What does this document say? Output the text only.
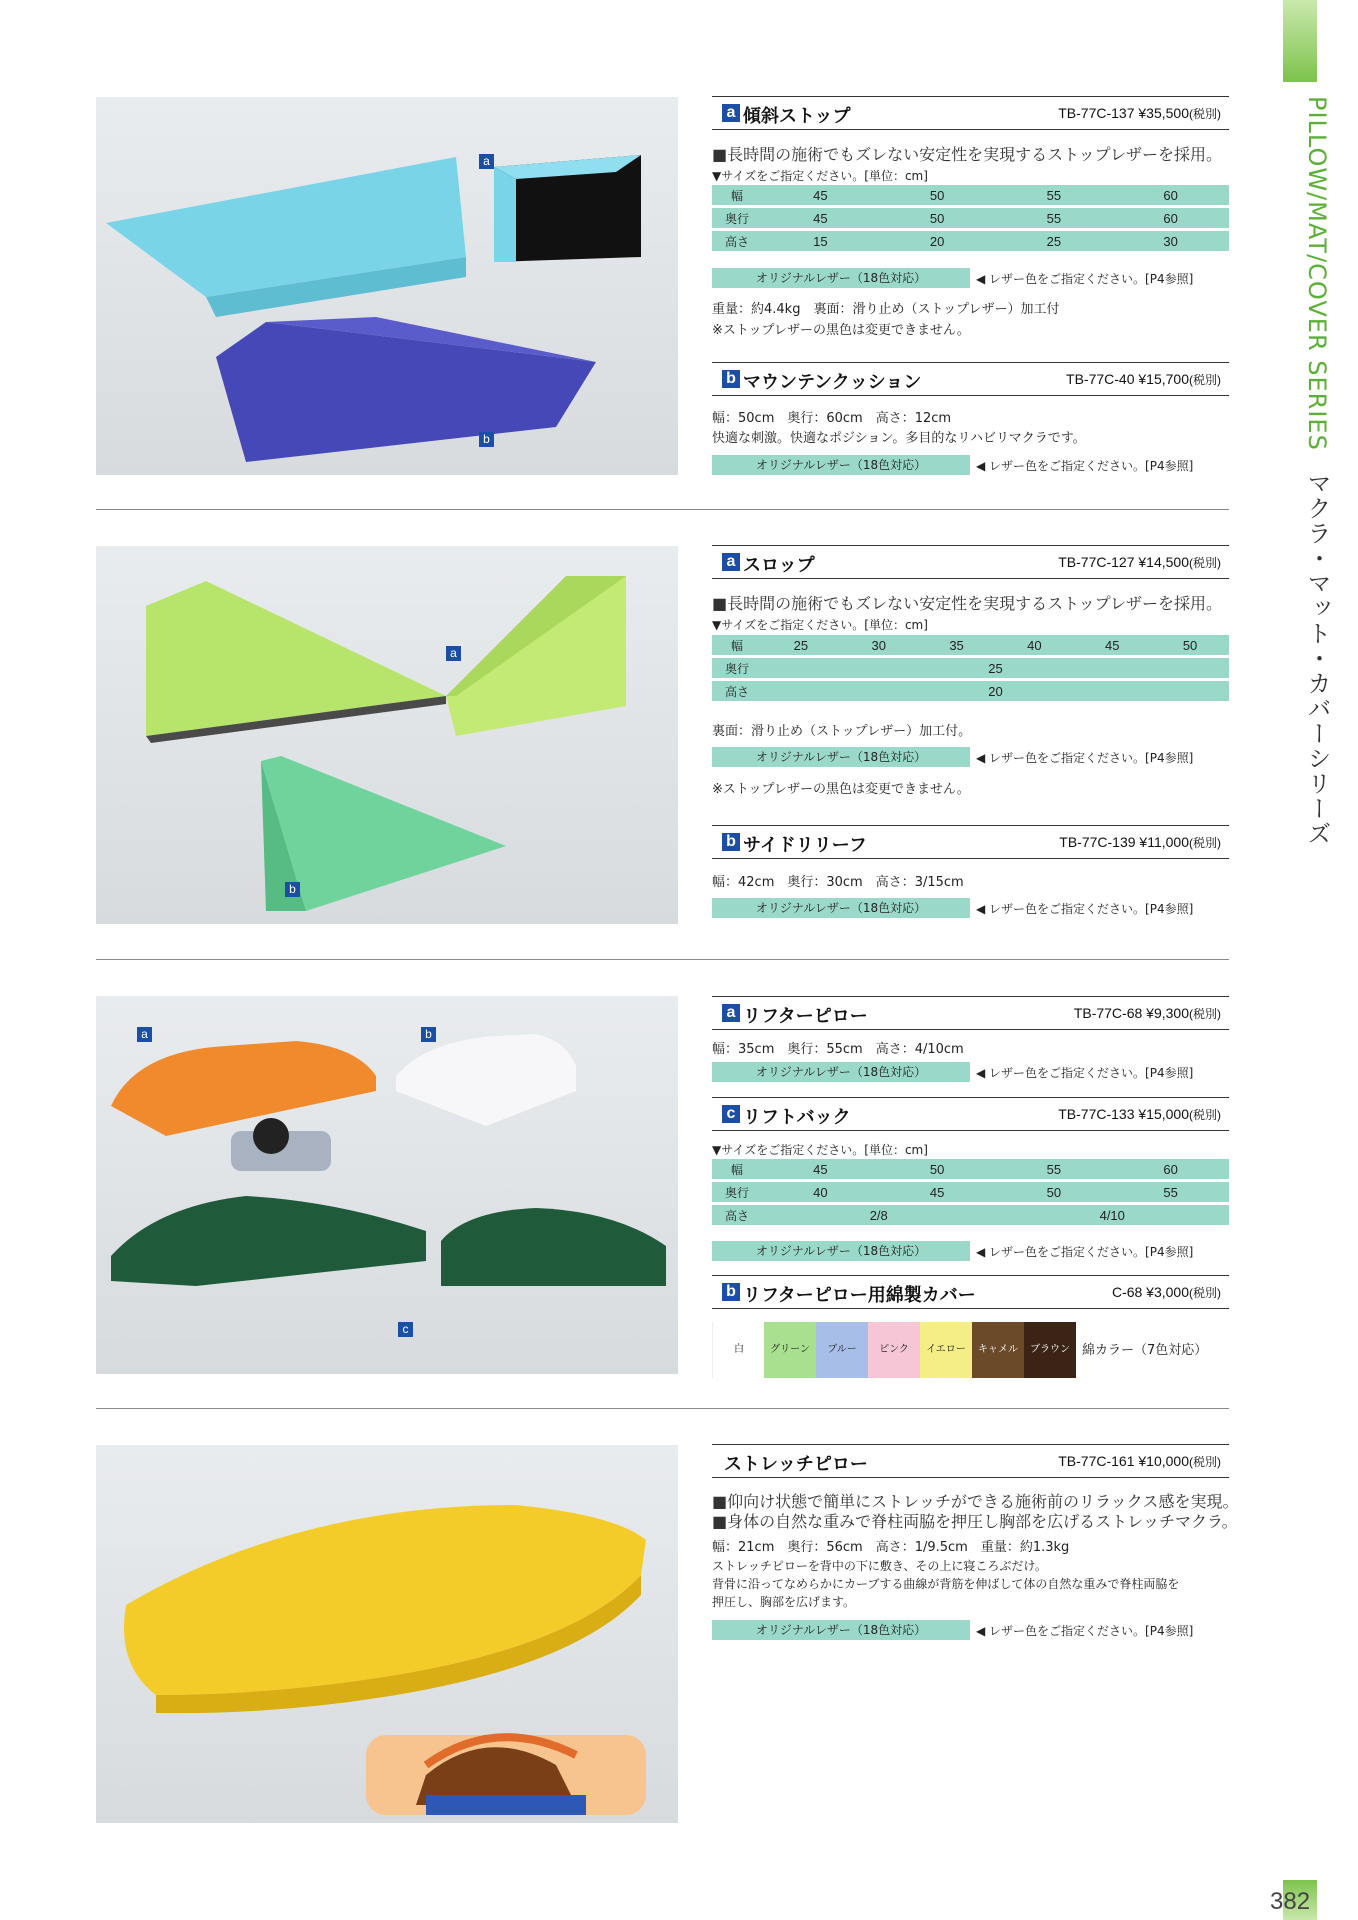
PILLOW/MAT/COVER SERIES マクラ・マット・カバーシリーズ
382
a
b
a 傾斜ストップ	TB-77C-137 ¥35,500(税別)
■長時間の施術でもズレない安定性を実現するストップレザーを採用。
▼サイズをご指定ください。[単位：cm]
幅	45	50	55	60
奥行	45	50	55	60
高さ	15	20	25	30
オリジナルレザー（18色対応）	◀ レザー色をご指定ください。[P4参照]
重量：約4.4kg　裏面：滑り止め（ストップレザー）加工付
※ストップレザーの黒色は変更できません。
b マウンテンクッション	TB-77C-40 ¥15,700(税別)
幅：50cm　奥行：60cm　高さ：12cm
快適な刺激。快適なポジション。多目的なリハビリマクラです。
オリジナルレザー（18色対応）	◀ レザー色をご指定ください。[P4参照]
a
b
a スロップ	TB-77C-127 ¥14,500(税別)
■長時間の施術でもズレない安定性を実現するストップレザーを採用。
▼サイズをご指定ください。[単位：cm]
幅	25	30	35	40	45	50
奥行	25					
高さ	20					
裏面：滑り止め（ストップレザー）加工付。
オリジナルレザー（18色対応）	◀ レザー色をご指定ください。[P4参照]
※ストップレザーの黒色は変更できません。
b サイドリリーフ	TB-77C-139 ¥11,000(税別)
幅：42cm　奥行：30cm　高さ：3/15cm
オリジナルレザー（18色対応）	◀ レザー色をご指定ください。[P4参照]
a	b
c
a リフターピロー	TB-77C-68 ¥9,300(税別)
幅：35cm　奥行：55cm　高さ：4/10cm
オリジナルレザー（18色対応）	◀ レザー色をご指定ください。[P4参照]
c リフトバック	TB-77C-133 ¥15,000(税別)
▼サイズをご指定ください。[単位：cm]
幅	45	50	55	60
奥行	40	45	50	55
高さ	2/8		4/10	
オリジナルレザー（18色対応）	◀ レザー色をご指定ください。[P4参照]
b リフターピロー用綿製カバー	C-68 ¥3,000(税別)
白	グリーン	ブルー	ピンク	イエロー	キャメル	ブラウン 綿カラー（7色対応）
ストレッチピロー	TB-77C-161 ¥10,000(税別)
■仰向け状態で簡単にストレッチができる施術前のリラックス感を実現。
■身体の自然な重みで脊柱両脇を押圧し胸部を広げるストレッチマクラ。
幅：21cm　奥行：56cm　高さ：1/9.5cm　重量：約1.3kg
ストレッチピローを背中の下に敷き、その上に寝ころぶだけ。
背骨に沿ってなめらかにカーブする曲線が背筋を伸ばして体の自然な重みで脊柱両脇を
押圧し、胸部を広げます。
オリジナルレザー（18色対応）	◀ レザー色をご指定ください。[P4参照]
